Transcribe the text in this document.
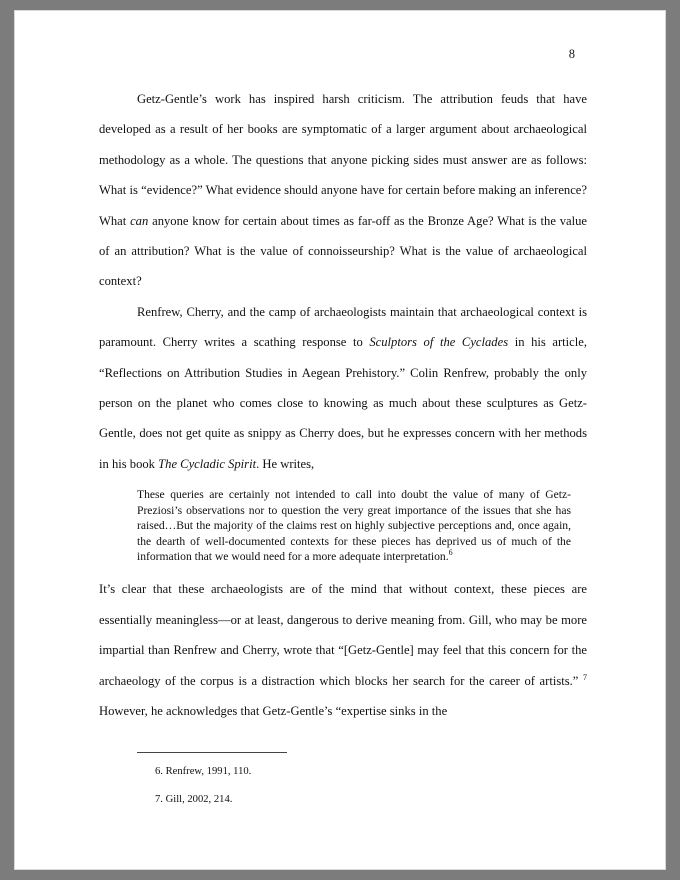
8

Getz-Gentle’s work has inspired harsh criticism. The attribution feuds that have developed as a result of her books are symptomatic of a larger argument about archaeological methodology as a whole. The questions that anyone picking sides must answer are as follows: What is “evidence?” What evidence should anyone have for certain before making an inference? What can anyone know for certain about times as far-off as the Bronze Age? What is the value of an attribution? What is the value of connoisseurship? What is the value of archaeological context?

Renfrew, Cherry, and the camp of archaeologists maintain that archaeological context is paramount. Cherry writes a scathing response to Sculptors of the Cyclades in his article, “Reflections on Attribution Studies in Aegean Prehistory.” Colin Renfrew, probably the only person on the planet who comes close to knowing as much about these sculptures as Getz-Gentle, does not get quite as snippy as Cherry does, but he expresses concern with her methods in his book The Cycladic Spirit. He writes,

These queries are certainly not intended to call into doubt the value of many of Getz-Preziosi’s observations nor to question the very great importance of the issues that she has raised…But the majority of the claims rest on highly subjective perceptions and, once again, the dearth of well-documented contexts for these pieces has deprived us of much of the information that we would need for a more adequate interpretation.$^6$

It’s clear that these archaeologists are of the mind that without context, these pieces are essentially meaningless—or at least, dangerous to derive meaning from. Gill, who may be more impartial than Renfrew and Cherry, wrote that “[Getz-Gentle] may feel that this concern for the archaeology of the corpus is a distraction which blocks her search for the career of artists.” $^7$ However, he acknowledges that Getz-Gentle’s “expertise sinks in the

6. Renfrew, 1991, 110.
7. Gill, 2002, 214.
